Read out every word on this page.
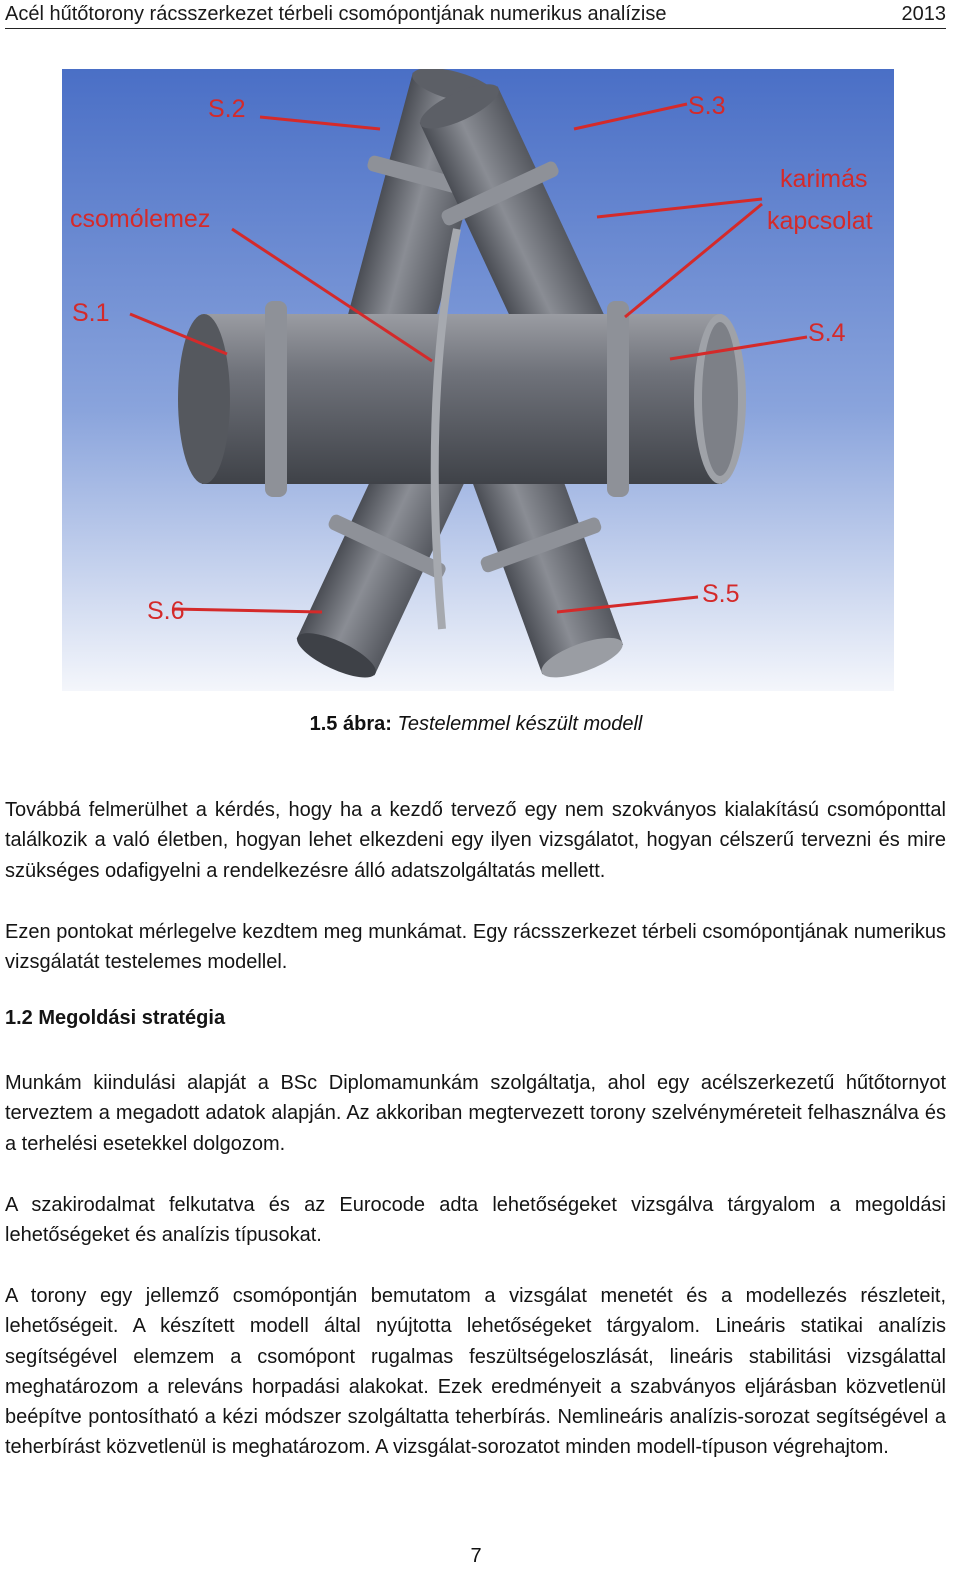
Acél hűtőtorony rácsszerkezet térbeli csomópontjának numerikus analízise	2013
S.2	S.3
karimás
kapcsolat
csomólemez
S.1
S.4
S.6
S.5
1.5 ábra: Testelemmel készült modell
Továbbá felmerülhet a kérdés, hogy ha a kezdő tervező egy nem szokványos kialakítású csomóponttal találkozik a való életben, hogyan lehet elkezdeni egy ilyen vizsgálatot, hogyan célszerű tervezni és mire szükséges odafigyelni a rendelkezésre álló adatszolgáltatás mellett.
Ezen pontokat mérlegelve kezdtem meg munkámat. Egy rácsszerkezet térbeli csomópontjának numerikus vizsgálatát testelemes modellel.
1.2 Megoldási stratégia
Munkám kiindulási alapját a BSc Diplomamunkám szolgáltatja, ahol egy acélszerkezetű hűtőtornyot terveztem a megadott adatok alapján. Az akkoriban megtervezett torony szelvényméreteit felhasználva és a terhelési esetekkel dolgozom.
A szakirodalmat felkutatva és az Eurocode adta lehetőségeket vizsgálva tárgyalom a megoldási lehetőségeket és analízis típusokat.
A torony egy jellemző csomópontján bemutatom a vizsgálat menetét és a modellezés részleteit, lehetőségeit. A készített modell által nyújtotta lehetőségeket tárgyalom. Lineáris statikai analízis segítségével elemzem a csomópont rugalmas feszültségeloszlását, lineáris stabilitási vizsgálattal meghatározom a releváns horpadási alakokat. Ezek eredményeit a szabványos eljárásban közvetlenül beépítve pontosítható a kézi módszer szolgáltatta teherbírás. Nemlineáris analízis-sorozat segítségével a teherbírást közvetlenül is meghatározom. A vizsgálat-sorozatot minden modell-típuson végrehajtom.
7
